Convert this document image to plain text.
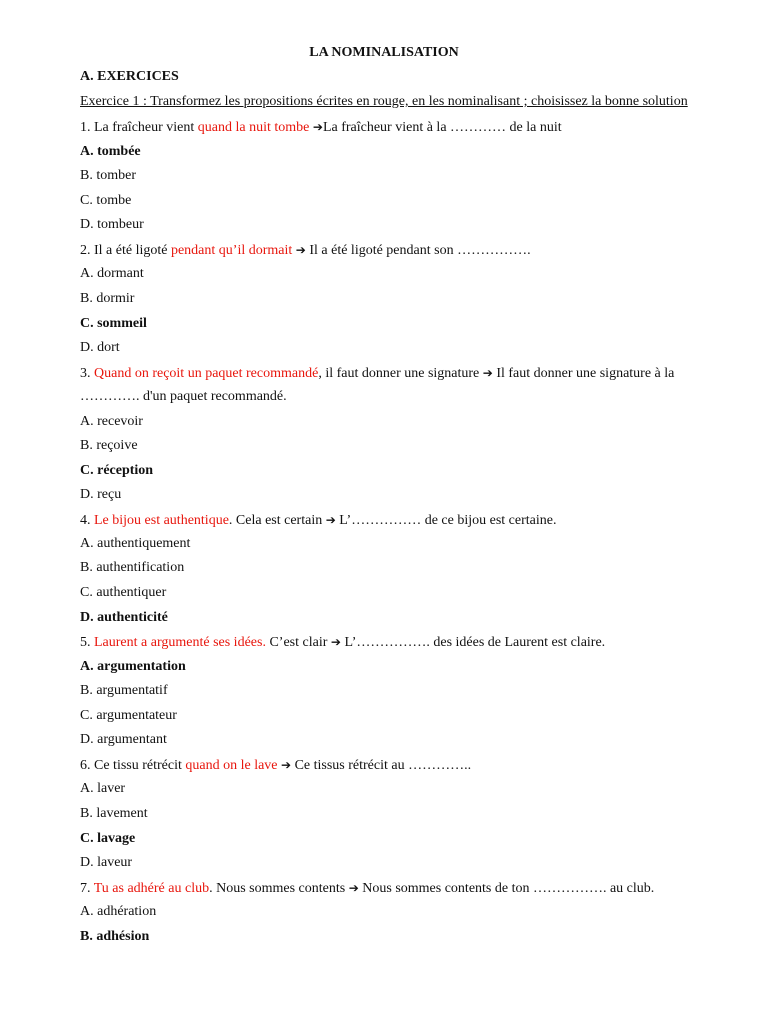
LA NOMINALISATION
A. EXERCICES
Exercice 1 : Transformez les propositions écrites en rouge, en les nominalisant ; choisissez la bonne solution
1. La fraîcheur vient quand la nuit tombe ➔La fraîcheur vient à la ………… de la nuit
A. tombée
B. tomber
C. tombe
D. tombeur
2. Il a été ligoté pendant qu’il dormait ➔ Il a été ligoté pendant son …………….
A. dormant
B. dormir
C. sommeil
D. dort
3. Quand on reçoit un paquet recommandé, il faut donner une signature ➔ Il faut donner une signature à la
…………. d'un paquet recommandé.
A. recevoir
B. reçoive
C. réception
D. reçu
4. Le bijou est authentique. Cela est certain ➔ L’…………… de ce bijou est certaine.
A. authentiquement
B. authentification
C. authentiquer
D. authenticité
5. Laurent a argumenté ses idées. C’est clair ➔ L’……………. des idées de Laurent est claire.
A. argumentation
B. argumentatif
C. argumentateur
D. argumentant
6. Ce tissu rétrécit quand on le lave ➔ Ce tissus rétrécit au …………..
A. laver
B. lavement
C. lavage
D. laveur
7. Tu as adhéré au club. Nous sommes contents ➔ Nous sommes contents de ton ……………. au club.
A. adhération
B. adhésion
